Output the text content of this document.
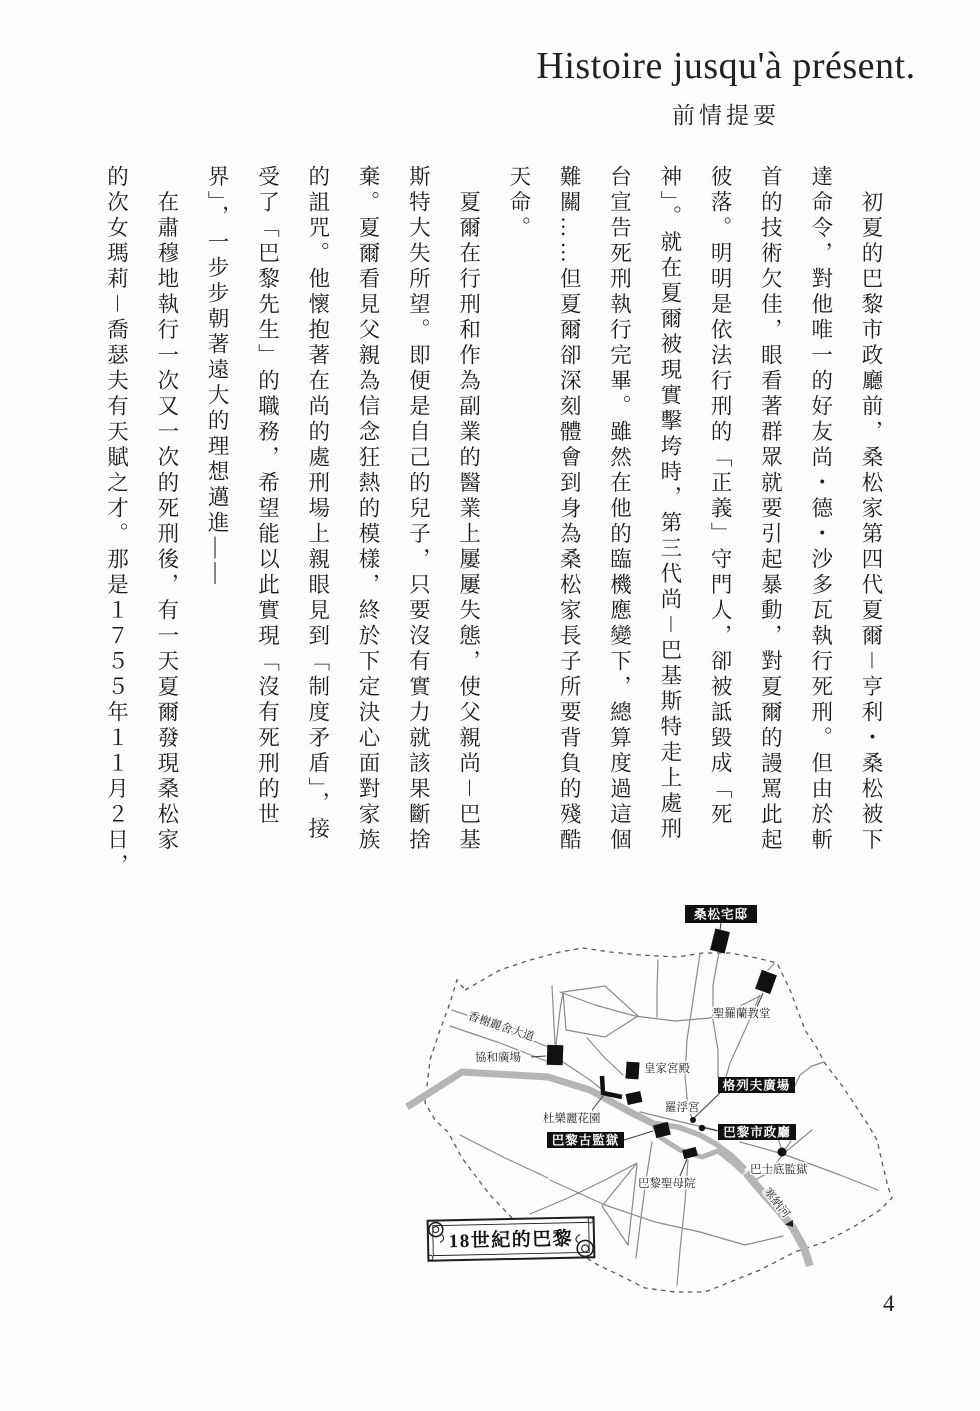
Histoire jusqu'à présent.
前情提要

　初夏的巴黎市政廳前，桑松家第四代夏爾－亨利・桑松被下

達命令，對他唯一的好友尚・德・沙多瓦執行死刑。但由於斬

首的技術欠佳，眼看著群眾就要引起暴動，對夏爾的謾罵此起

彼落。明明是依法行刑的「正義」守門人，卻被詆毀成「死

神」。就在夏爾被現實擊垮時，第三代尚－巴基斯特走上處刑

台宣告死刑執行完畢。雖然在他的臨機應變下，總算度過這個

難關……但夏爾卻深刻體會到身為桑松家長子所要背負的殘酷

天命。

　夏爾在行刑和作為副業的醫業上屢屢失態，使父親尚－巴基

斯特大失所望。即便是自己的兒子，只要沒有實力就該果斷捨

棄。夏爾看見父親為信念狂熱的模樣，終於下定決心面對家族

的詛咒。他懷抱著在尚的處刑場上親眼見到「制度矛盾」，接

受了「巴黎先生」的職務，希望能以此實現「沒有死刑的世

界」，一步步朝著遠大的理想邁進——

　在肅穆地執行一次又一次的死刑後，有一天夏爾發現桑松家

的次女瑪莉－喬瑟夫有天賦之才。那是１７５５年１１月２日，

桑松宅邸
格列夫廣場
巴黎市政廳
巴黎古監獄
聖羅蘭教堂
香榭麗舍大道
協和廣場
皇家宮殿
羅浮宮
杜樂麗花園
巴黎聖母院
巴士底監獄
塞納河
18世紀的巴黎
4
